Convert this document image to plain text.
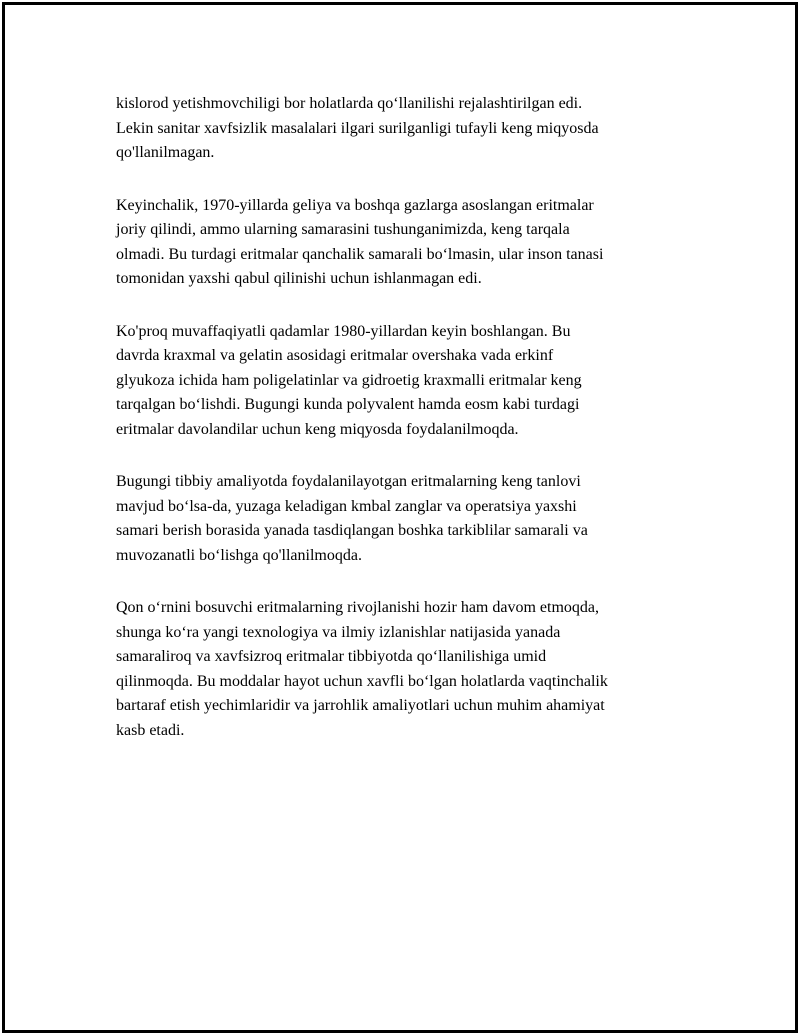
kislorod yetishmovchiligi bor holatlarda qo‘llanilishi rejalashtirilgan edi.
Lekin sanitar xavfsizlik masalalari ilgari surilganligi tufayli keng miqyosda
qo'llanilmagan.

Keyinchalik, 1970-yillarda geliya va boshqa gazlarga asoslangan eritmalar
joriy qilindi, ammo ularning samarasini tushunganimizda, keng tarqala
olmadi. Bu turdagi eritmalar qanchalik samarali bo‘lmasin, ular inson tanasi
tomonidan yaxshi qabul qilinishi uchun ishlanmagan edi.

Ko'proq muvaffaqiyatli qadamlar 1980-yillardan keyin boshlangan. Bu
davrda kraxmal va gelatin asosidagi eritmalar overshaka vada erkinf
glyukoza ichida ham poligelatinlar va gidroetig kraxmalli eritmalar keng
tarqalgan bo‘lishdi. Bugungi kunda polyvalent hamda eosm kabi turdagi
eritmalar davolandilar uchun keng miqyosda foydalanilmoqda.

Bugungi tibbiy amaliyotda foydalanilayotgan eritmalarning keng tanlovi
mavjud bo‘lsa-da, yuzaga keladigan kmbal zanglar va operatsiya yaxshi
samari berish borasida yanada tasdiqlangan boshka tarkiblilar samarali va
muvozanatli bo‘lishga qo'llanilmoqda.

Qon o‘rnini bosuvchi eritmalarning rivojlanishi hozir ham davom etmoqda,
shunga ko‘ra yangi texnologiya va ilmiy izlanishlar natijasida yanada
samaraliroq va xavfsizroq eritmalar tibbiyotda qo‘llanilishiga umid
qilinmoqda. Bu moddalar hayot uchun xavfli bo‘lgan holatlarda vaqtinchalik
bartaraf etish yechimlaridir va jarrohlik amaliyotlari uchun muhim ahamiyat
kasb etadi.
